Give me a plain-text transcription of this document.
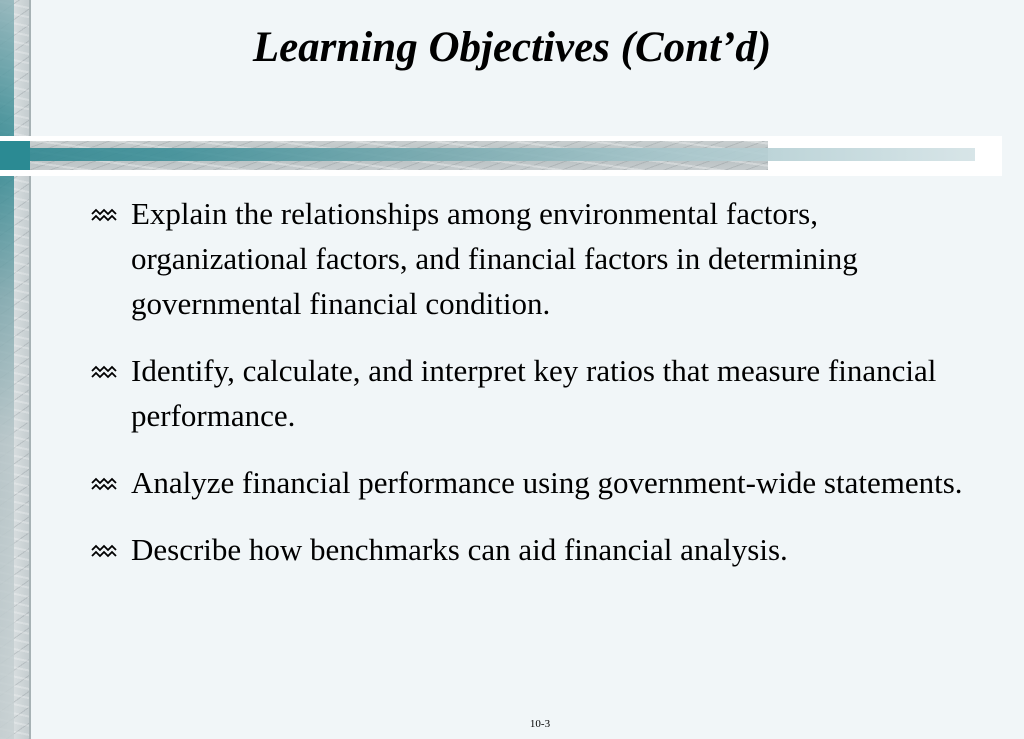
Learning Objectives (Cont’d)
Explain the relationships among environmental factors, organizational factors, and financial factors in determining governmental financial condition.
Identify, calculate, and interpret key ratios that measure financial performance.
Analyze financial performance using government-wide statements.
Describe how benchmarks can aid financial analysis.
10-3
